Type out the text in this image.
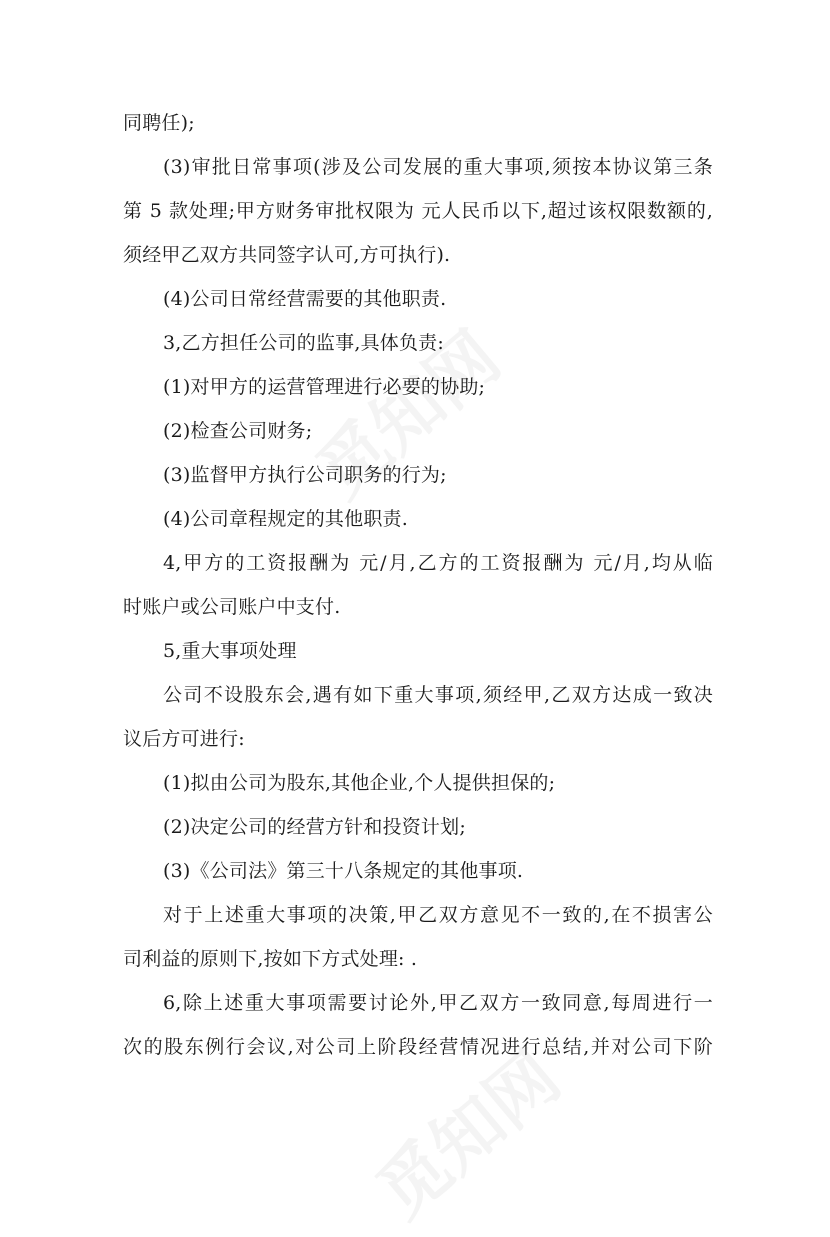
同聘任);
(3)审批日常事项(涉及公司发展的重大事项,须按本协议第三条
第 5 款处理;甲方财务审批权限为 元人民币以下,超过该权限数额的,
须经甲乙双方共同签字认可,方可执行).
(4)公司日常经营需要的其他职责.
3,乙方担任公司的监事,具体负责:
(1)对甲方的运营管理进行必要的协助;
(2)检查公司财务;
(3)监督甲方执行公司职务的行为;
(4)公司章程规定的其他职责.
4,甲方的工资报酬为 元/月,乙方的工资报酬为 元/月,均从临
时账户或公司账户中支付.
5,重大事项处理
公司不设股东会,遇有如下重大事项,须经甲,乙双方达成一致决
议后方可进行:
(1)拟由公司为股东,其他企业,个人提供担保的;
(2)决定公司的经营方针和投资计划;
(3)《公司法》第三十八条规定的其他事项.
对于上述重大事项的决策,甲乙双方意见不一致的,在不损害公
司利益的原则下,按如下方式处理: .
6,除上述重大事项需要讨论外,甲乙双方一致同意,每周进行一
次的股东例行会议,对公司上阶段经营情况进行总结,并对公司下阶
